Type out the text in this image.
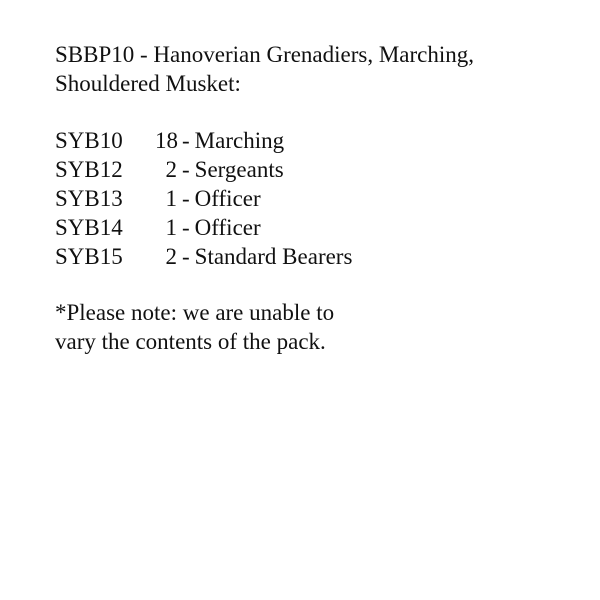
SBBP10 - Hanoverian Grenadiers, Marching,
Shouldered Musket:
SYB10 18 - Marching
SYB12	2 - Sergeants
SYB13	1 - Officer
SYB14	1 - Officer
SYB15	2 - Standard Bearers
*Please note: we are unable to
vary the contents of the pack.
